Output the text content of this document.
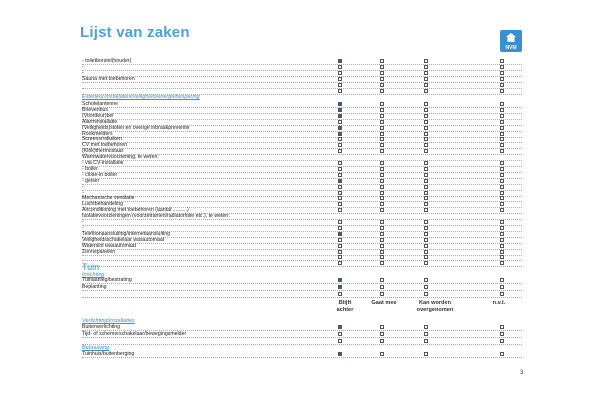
Lijst van zaken
NVM
- toiletborstel(houder)
-
-
Sauna met toebehoren
Exterieur/installaties/veiligheid/energiebesparing
Schotelantenne
Brievenbus
(Voordeur)bel
Alarminstallatie
(Veiligheids)sloten en overige inbraakpreventie
Rookmelders
Screens/rolluiken
CV met toebehoren
(Klök)thermostaat
Warmwatervoorziening, te weten:
- via CV-installatie
- boiler
- close-in boiler
- geiser
-
-
Mechanische ventilatie
Luchtbehandeling
Airconditioning met toebehoren (aantal:..........)
Isolatievoorzieningen (voorzetramen/radiatorfolie etc.), te weten:
-
-
Telefoonaansluiting/internetaansluiting
Veiligheidsschakelaar wasautomaat
Waterslot wasautomaat
Zonnepanelen
Tuin
Inrichting
Tuinaanleg/bestrating
Beplanting
Blijft achter
Gaat mee	Kan worden overgenomen
n.v.t.
Verlichting/installaties
Buitenverlichting
Tijd- of schemerschakelaar/bewegingsmelder
Bebouwing
Tuinhuis/buitenberging
3
